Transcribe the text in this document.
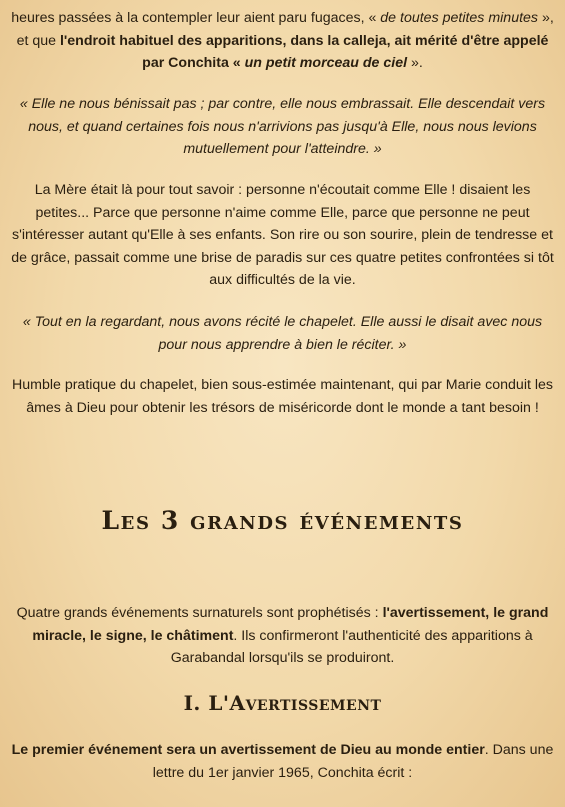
heures passées à la contempler leur aient paru fugaces, « de toutes petites minutes », et que l'endroit habituel des apparitions, dans la calleja, ait mérité d'être appelé par Conchita « un petit morceau de ciel ».

« Elle ne nous bénissait pas ; par contre, elle nous embrassait. Elle descendait vers nous, et quand certaines fois nous n'arrivions pas jusqu'à Elle, nous nous levions mutuellement pour l'atteindre. »

La Mère était là pour tout savoir : personne n'écoutait comme Elle ! disaient les petites... Parce que personne n'aime comme Elle, parce que personne ne peut s'intéresser autant qu'Elle à ses enfants. Son rire ou son sourire, plein de tendresse et de grâce, passait comme une brise de paradis sur ces quatre petites confrontées si tôt aux difficultés de la vie.

« Tout en la regardant, nous avons récité le chapelet. Elle aussi le disait avec nous pour nous apprendre à bien le réciter. »

Humble pratique du chapelet, bien sous-estimée maintenant, qui par Marie conduit les âmes à Dieu pour obtenir les trésors de miséricorde dont le monde a tant besoin !

Les 3 grands événements

Quatre grands événements surnaturels sont prophétisés : l'avertissement, le grand miracle, le signe, le châtiment. Ils confirmeront l'authenticité des apparitions à Garabandal lorsqu'ils se produiront.

I. L'Avertissement

Le premier événement sera un avertissement de Dieu au monde entier. Dans une lettre du 1er janvier 1965, Conchita écrit :
